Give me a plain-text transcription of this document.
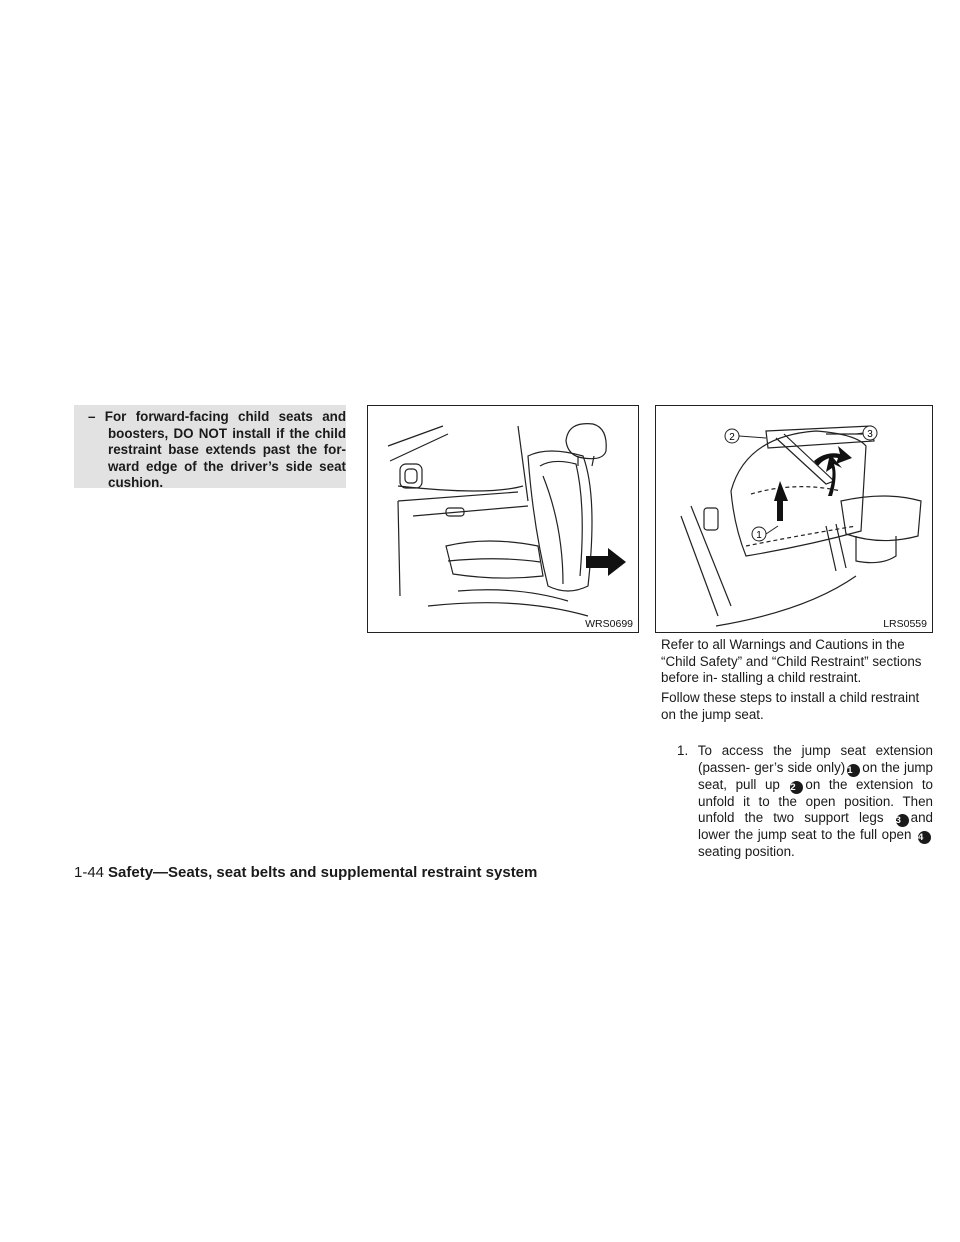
– For forward-facing child seats and boosters, DO NOT install if the child restraint base extends past the for- ward edge of the driver’s side seat cushion.
WRS0699
1
2	3
LRS0559
Refer to all Warnings and Cautions in the “Child Safety” and “Child Restraint” sections before in- stalling a child restraint.
Follow these steps to install a child restraint on the jump seat.
1. To access the jump seat extension (passen- ger’s side only) 1 on the jump seat, pull up 2 on the extension to unfold it to the open position. Then unfold the two support legs 3 and lower the jump seat to the full open 4seating position.
1-44 Safety—Seats, seat belts and supplemental restraint system
